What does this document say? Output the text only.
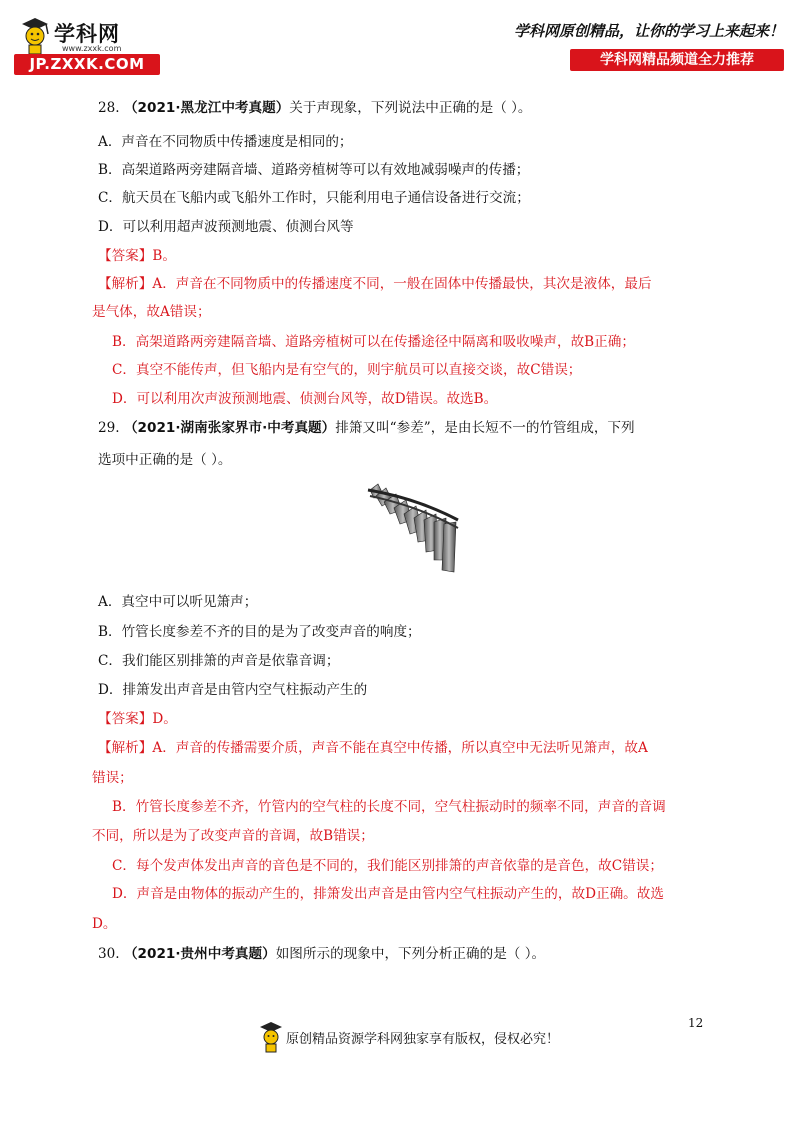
学科网
www.zxxk.com
JP.ZXXK.COM
学科网原创精品，让你的学习上来起来！
学科网精品频道全力推荐
28. （2021·黑龙江中考真题）关于声现象，下列说法中正确的是（ ）。
A．声音在不同物质中传播速度是相同的；
B．高架道路两旁建隔音墙、道路旁植树等可以有效地减弱噪声的传播；
C．航天员在飞船内或飞船外工作时，只能利用电子通信设备进行交流；
D．可以利用超声波预测地震、侦测台风等
【答案】B。
【解析】A．声音在不同物质中的传播速度不同，一般在固体中传播最快，其次是液体，最后
是气体，故A错误；
B．高架道路两旁建隔音墙、道路旁植树可以在传播途径中隔离和吸收噪声，故B正确；
C．真空不能传声，但飞船内是有空气的，则宇航员可以直接交谈，故C错误；
D．可以利用次声波预测地震、侦测台风等，故D错误。故选B。
29. （2021·湖南张家界市·中考真题）排箫又叫“参差”，是由长短不一的竹管组成，下列
选项中正确的是（ ）。
A．真空中可以听见箫声；
B．竹管长度参差不齐的目的是为了改变声音的响度；
C．我们能区别排箫的声音是依靠音调；
D．排箫发出声音是由管内空气柱振动产生的
【答案】D。
【解析】A．声音的传播需要介质，声音不能在真空中传播，所以真空中无法听见箫声，故A
错误；
B．竹管长度参差不齐，竹管内的空气柱的长度不同，空气柱振动时的频率不同，声音的音调
不同，所以是为了改变声音的音调，故B错误；
C．每个发声体发出声音的音色是不同的，我们能区别排箫的声音依靠的是音色，故C错误；
D．声音是由物体的振动产生的，排箫发出声音是由管内空气柱振动产生的，故D正确。故选
D。
30. （2021·贵州中考真题）如图所示的现象中，下列分析正确的是（ ）。
12
原创精品资源学科网独家享有版权，侵权必究！
